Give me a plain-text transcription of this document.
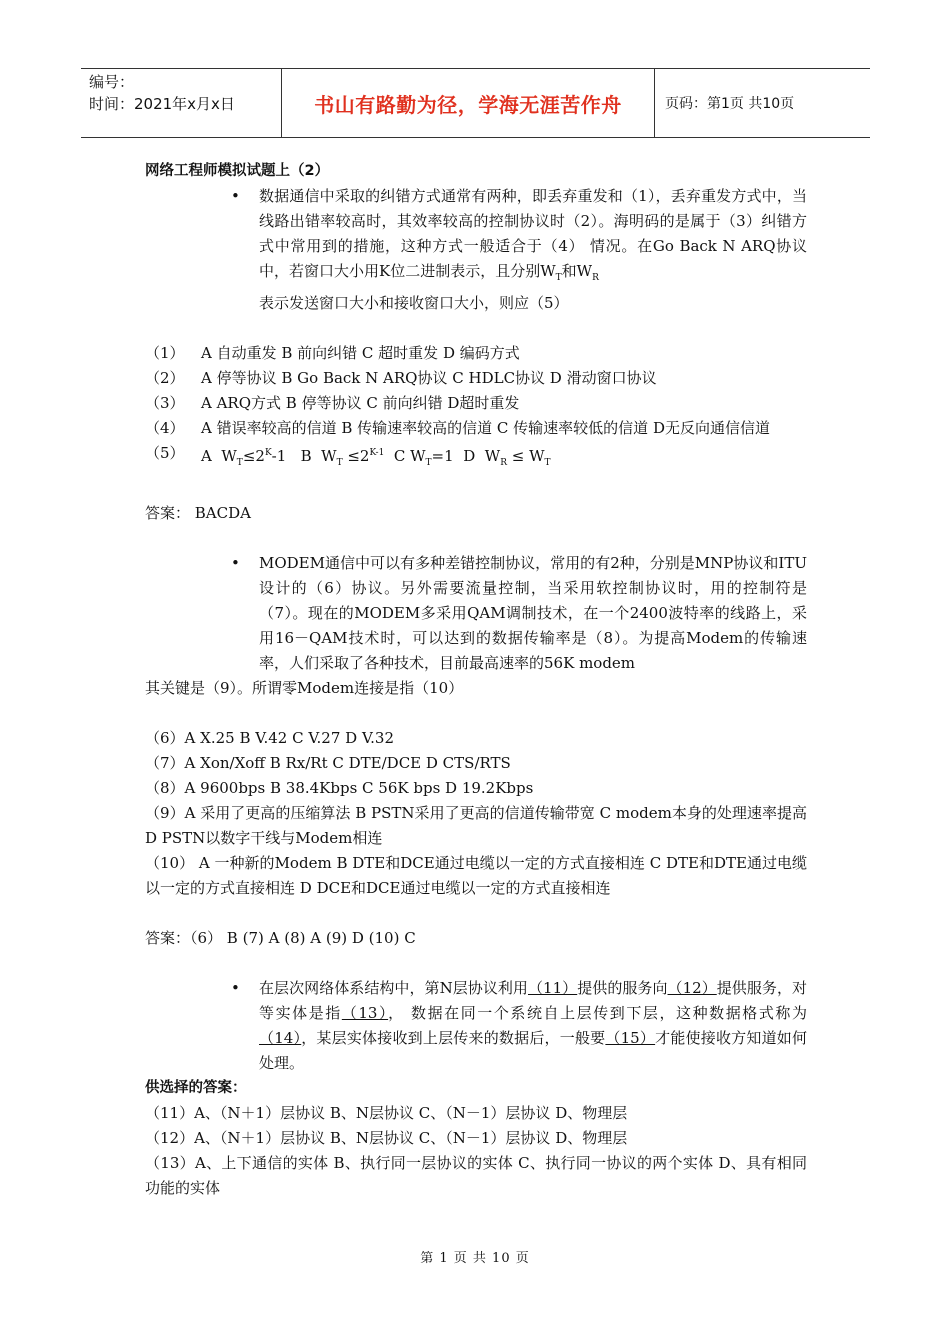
编号：
时间：2021年x月x日	书山有路勤为径，学海无涯苦作舟	页码：第1页 共10页
网络工程师模拟试题上（2）
• 数据通信中采取的纠错方式通常有两种，即丢弃重发和（1），丢弃重发方式中，当线路出错率较高时，其效率较高的控制协议时（2）。海明码的是属于（3）纠错方式中常用到的措施，这种方式一般适合于（4） 情况。在Go Back N ARQ协议中，若窗口大小用K位二进制表示，且分别$W_T$和$W_R$
表示发送窗口大小和接收窗口大小，则应（5）
（1）	A 自动重发 B 前向纠错 C 超时重发 D 编码方式
（2）	A 停等协议 B Go Back N ARQ协议 C HDLC协议 D 滑动窗口协议
（3）	A ARQ方式 B 停等协议 C 前向纠错 D超时重发
（4）	A 错误率较高的信道 B 传输速率较高的信道 C 传输速率较低的信道 D无反向通信信道
（5）	A  $W_T\le 2^K-1$   B  $W_T \le 2^{K-1}$  C $W_T=1$  D  $W_R \le W_T$
答案： BACDA
• MODEM通信中可以有多种差错控制协议，常用的有2种，分别是MNP协议和ITU设计的（6）协议。另外需要流量控制，当采用软控制协议时，用的控制符是（7）。现在的MODEM多采用QAM调制技术，在一个2400波特率的线路上，采用16－QAM技术时，可以达到的数据传输率是（8）。为提高Modem的传输速率，人们采取了各种技术，目前最高速率的56K modem
其关键是（9）。所谓零Modem连接是指（10）
（6）A X.25 B V.42 C V.27 D V.32
（7）A Xon/Xoff B Rx/Rt C DTE/DCE D CTS/RTS
（8）A 9600bps B 38.4Kbps C 56K bps D 19.2Kbps
（9）A 采用了更高的压缩算法 B PSTN采用了更高的信道传输带宽 C modem本身的处理速率提高 D PSTN以数字干线与Modem相连
（10） A 一种新的Modem B DTE和DCE通过电缆以一定的方式直接相连 C DTE和DTE通过电缆以一定的方式直接相连 D DCE和DCE通过电缆以一定的方式直接相连
答案：（6） B (7) A (8) A (9) D (10) C
• 在层次网络体系结构中，第N层协议利用（11）提供的服务向（12）提供服务，对等实体是指（13）， 数据在同一个系统自上层传到下层，这种数据格式称为（14），某层实体接收到上层传来的数据后，一般要（15）才能使接收方知道如何处理。
供选择的答案：
（11）A、（N＋1）层协议 B、N层协议 C、（N－1）层协议 D、物理层
（12）A、（N＋1）层协议 B、N层协议 C、（N－1）层协议 D、物理层
（13）A、上下通信的实体 B、执行同一层协议的实体 C、执行同一协议的两个实体 D、具有相同功能的实体
第 1 页 共 10 页
